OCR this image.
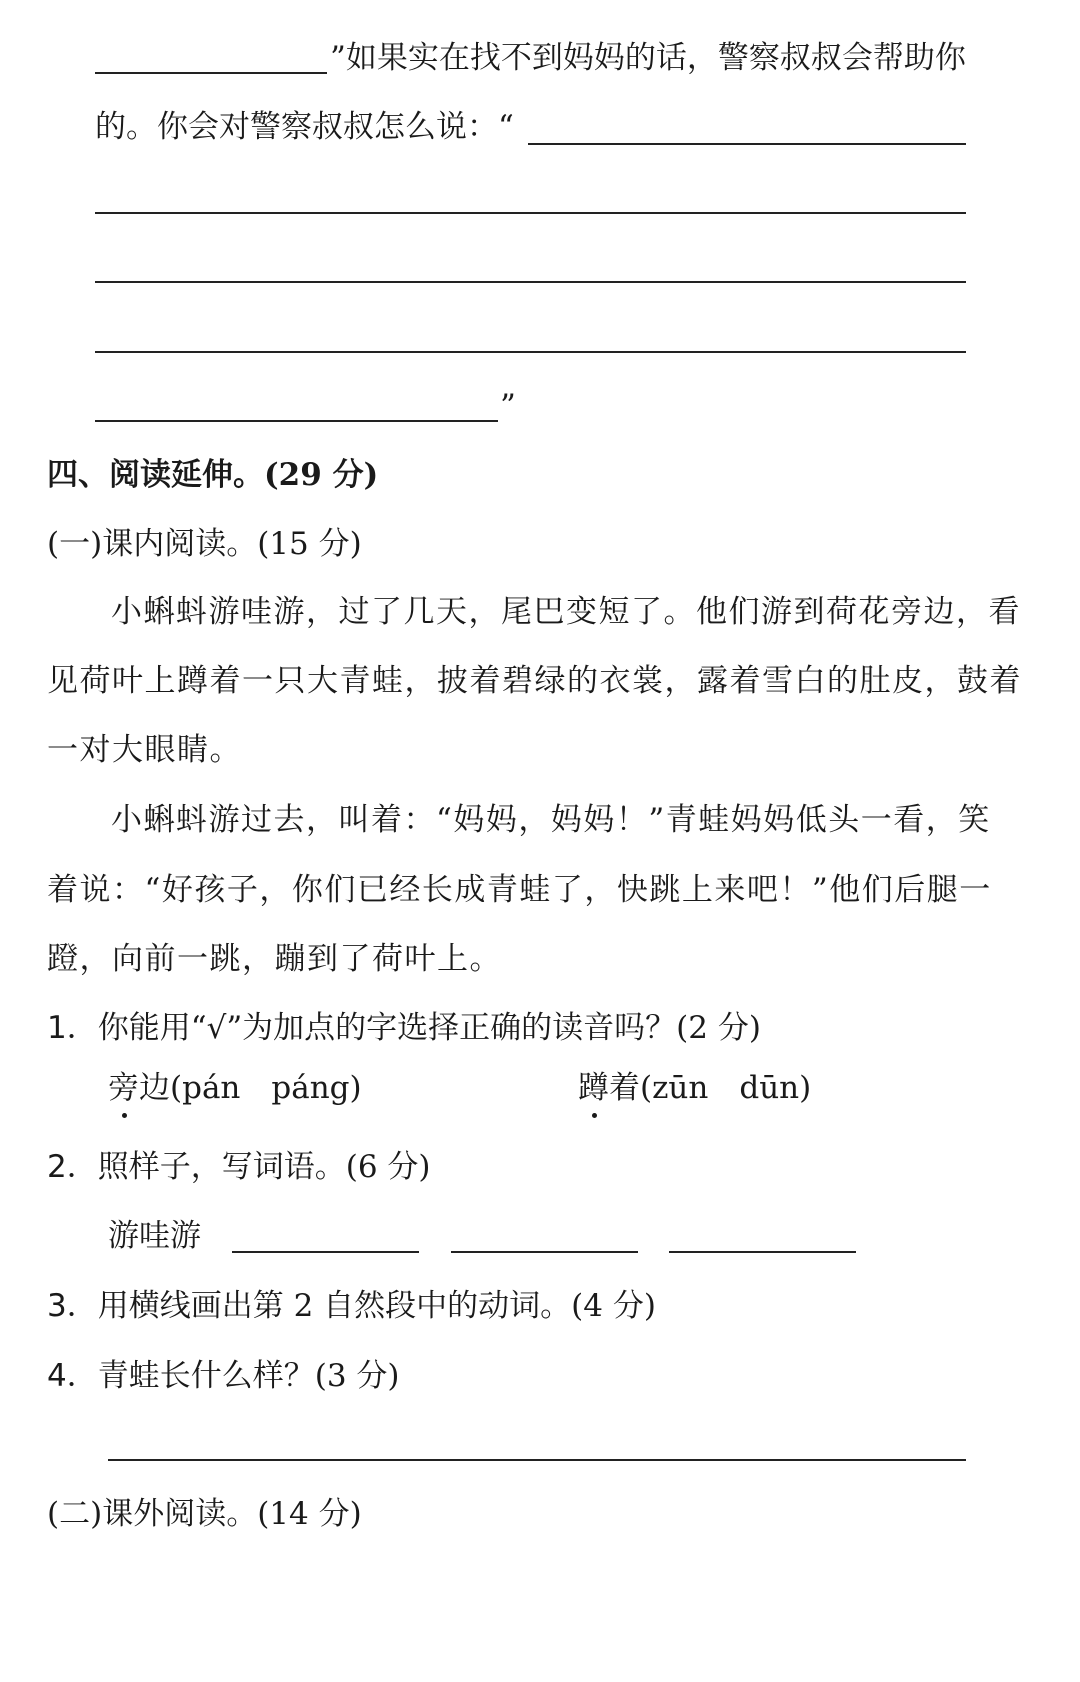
”如果实在找不到妈妈的话，警察叔叔会帮助你
的。你会对警察叔叔怎么说：“
”
四、阅读延伸。(29 分)
(一)课内阅读。(15 分)
小蝌蚪游哇游，过了几天，尾巴变短了。他们游到荷花旁边，看
见荷叶上蹲着一只大青蛙，披着碧绿的衣裳，露着雪白的肚皮，鼓着
一对大眼睛。
小蝌蚪游过去，叫着：“妈妈，妈妈！”青蛙妈妈低头一看，笑
着说：“好孩子，你们已经长成青蛙了，快跳上来吧！”他们后腿一
蹬，向前一跳，蹦到了荷叶上。
1．你能用“√”为加点的字选择正确的读音吗？(2 分)
旁边(pán　páng)	蹲着(zūn　dūn)
2．照样子，写词语。(6 分)
游哇游
3．用横线画出第 2 自然段中的动词。(4 分)
4．青蛙长什么样？(3 分)
(二)课外阅读。(14 分)
